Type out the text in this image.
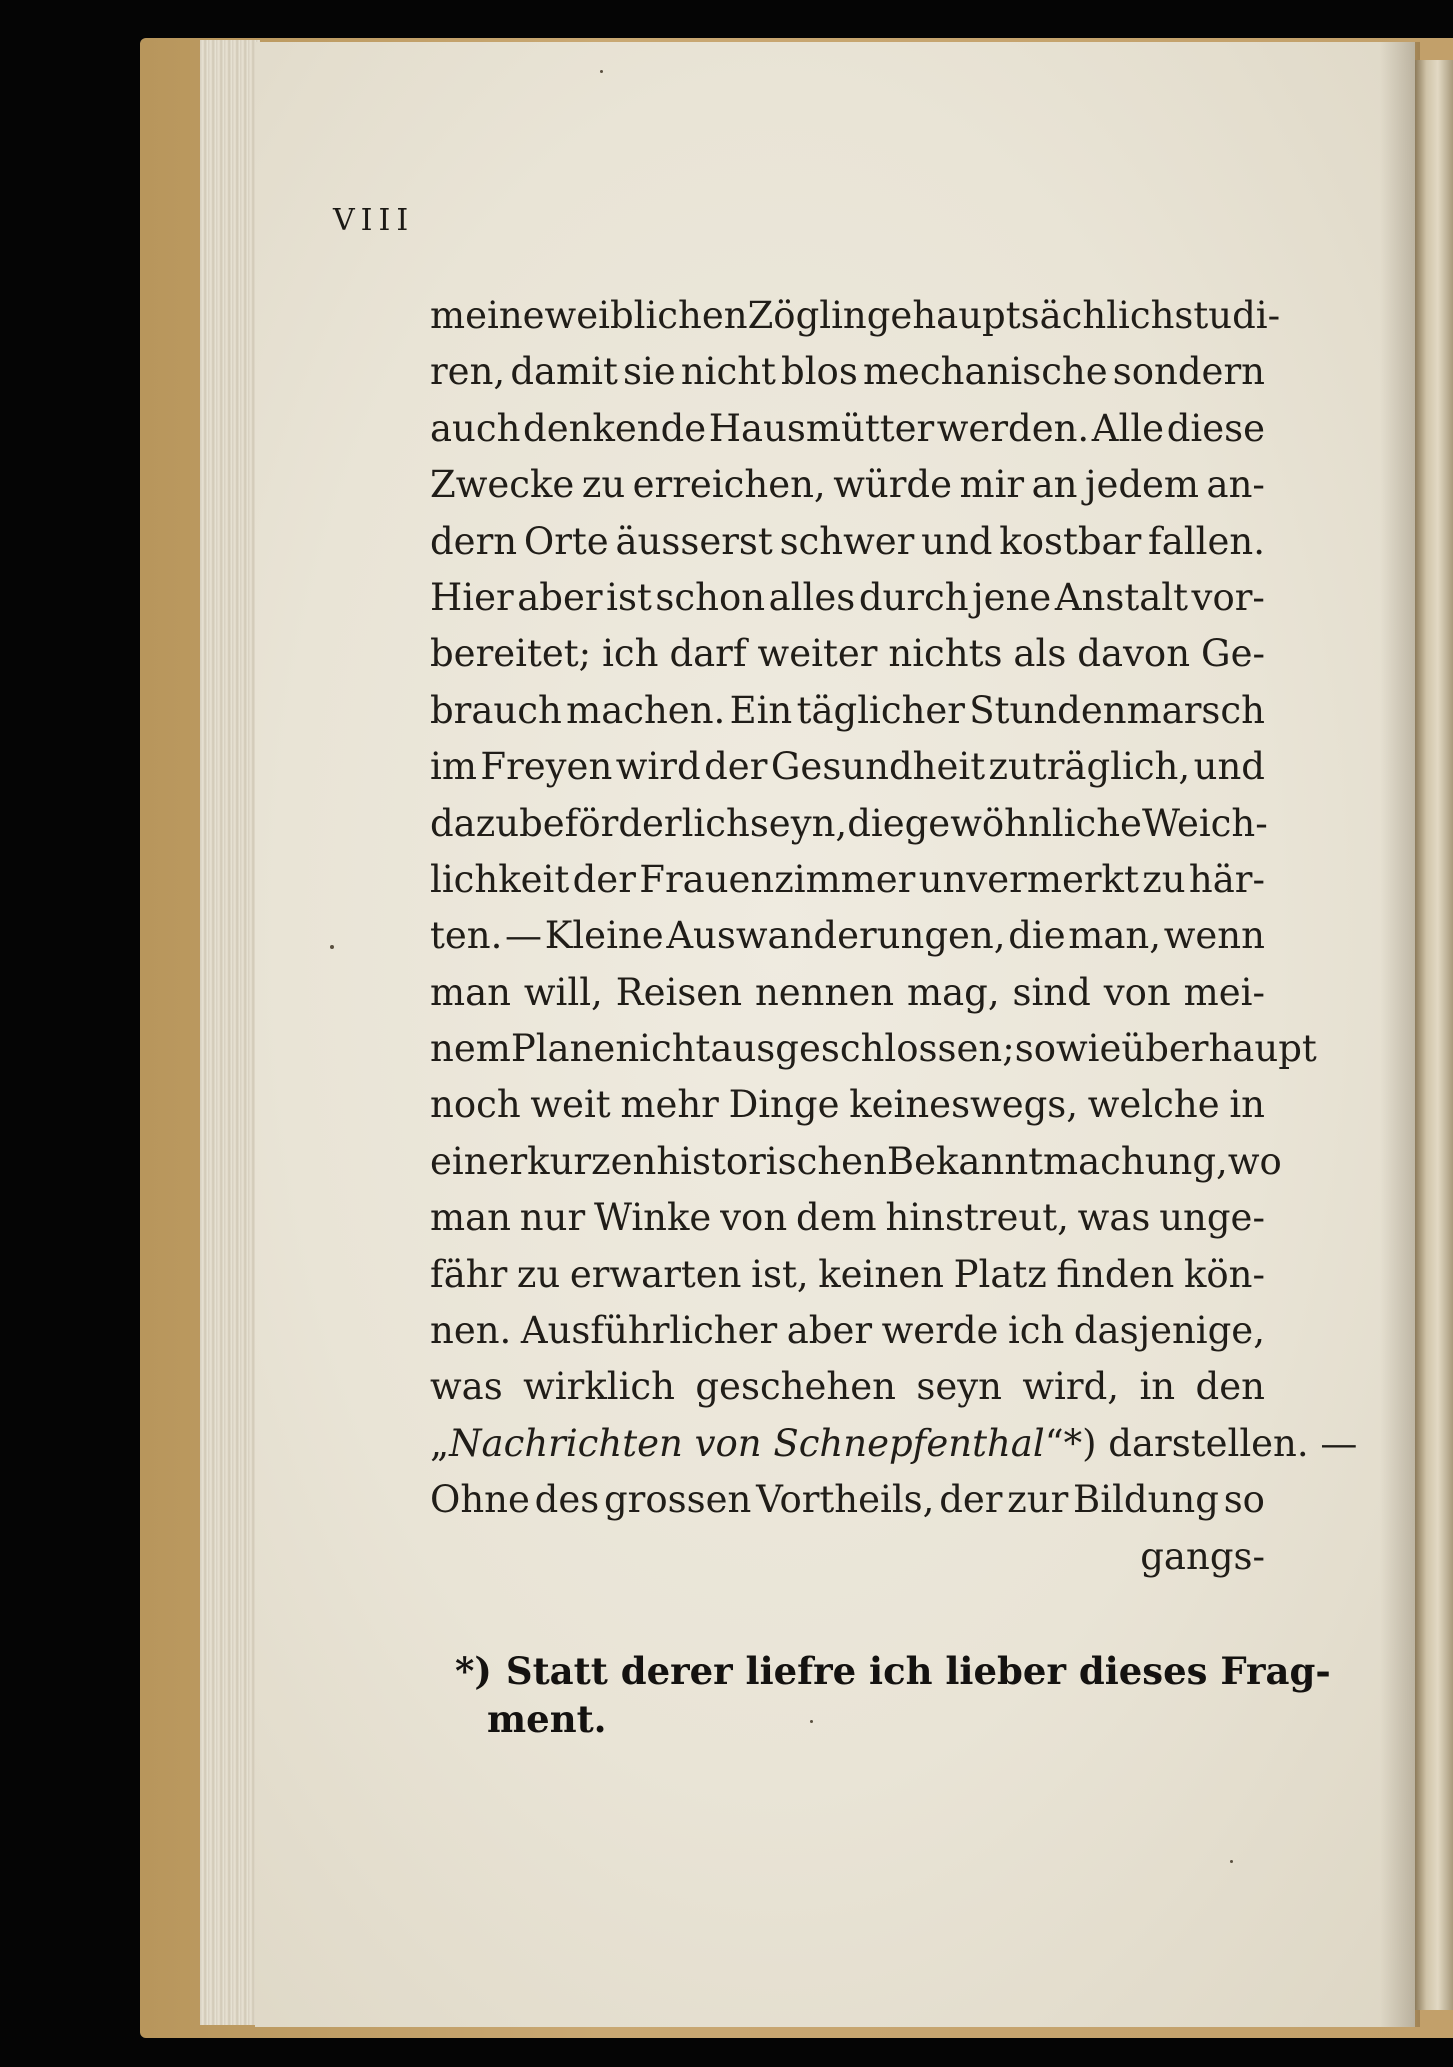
VIII
meine weiblichen Zöglinge hauptsächlich studi-
ren, damit sie nicht blos mechanische sondern
auch denkende Hausmütter werden. Alle diese
Zwecke zu erreichen, würde mir an jedem an-
dern Orte äusserst schwer und kostbar fallen.
Hier aber ist schon alles durch jene Anstalt vor-
bereitet; ich darf weiter nichts als davon Ge-
brauch machen. Ein täglicher Stundenmarsch
im Freyen wird der Gesundheit zuträglich, und
dazu beförderlich seyn, die gewöhnliche Weich-
lichkeit der Frauenzimmer unvermerkt zu här-
ten. — Kleine Auswanderungen, die man, wenn
man will, Reisen nennen mag, sind von mei-
nem Plane nicht ausgeschlossen; so wie überhaupt
noch weit mehr Dinge keineswegs, welche in
einer kurzen historischen Bekanntmachung, wo
man nur Winke von dem hinstreut, was unge-
fähr zu erwarten ist, keinen Platz finden kön-
nen. Ausführlicher aber werde ich dasjenige,
was wirklich geschehen seyn wird, in den
„ Nachrichten von Schnepfenthal “*) darstellen. —
Ohne des grossen Vortheils, der zur Bildung so
gangs-
*) Statt derer liefre ich lieber dieses Frag-
ment.
